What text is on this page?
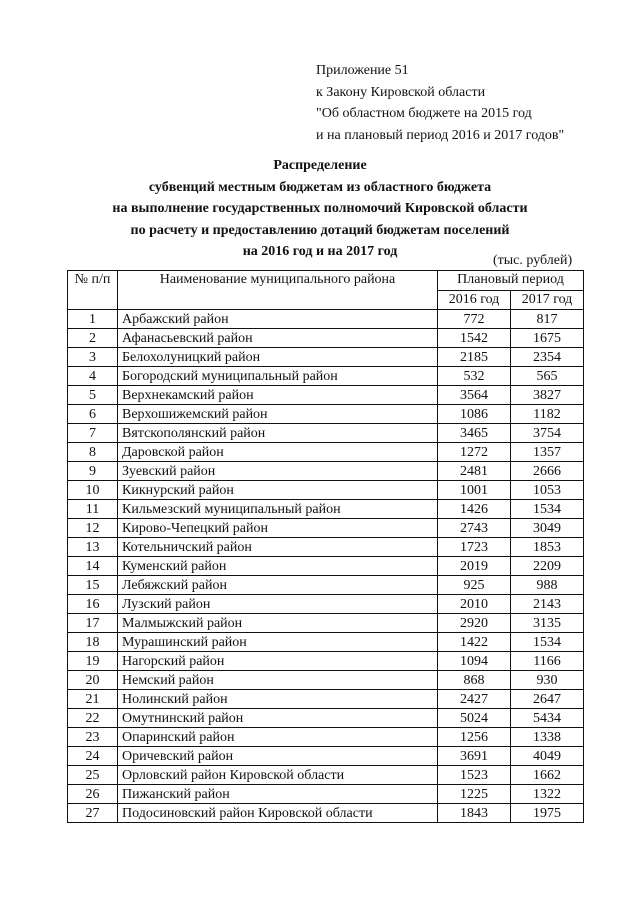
Приложение 51
к Закону Кировской области
"Об областном бюджете на 2015 год
и на плановый период 2016 и 2017 годов"
Распределение
субвенций местным бюджетам из областного бюджета
на выполнение государственных полномочий Кировской области
по расчету и предоставлению дотаций бюджетам поселений
на 2016 год и на 2017 год
(тыс. рублей)
№ п/п	Наименование муниципального района	Плановый период	
		2016 год	2017 год
1	Арбажский район	772	817
2	Афанасьевский район	1542	1675
3	Белохолуницкий район	2185	2354
4	Богородский муниципальный район	532	565
5	Верхнекамский район	3564	3827
6	Верхошижемский район	1086	1182
7	Вятскополянский район	3465	3754
8	Даровской район	1272	1357
9	Зуевский район	2481	2666
10	Кикнурский район	1001	1053
11	Кильмезский муниципальный район	1426	1534
12	Кирово-Чепецкий район	2743	3049
13	Котельничский район	1723	1853
14	Куменский район	2019	2209
15	Лебяжский район	925	988
16	Лузский район	2010	2143
17	Малмыжский район	2920	3135
18	Мурашинский район	1422	1534
19	Нагорский район	1094	1166
20	Немский район	868	930
21	Нолинский район	2427	2647
22	Омутнинский район	5024	5434
23	Опаринский район	1256	1338
24	Оричевский район	3691	4049
25	Орловский район Кировской области	1523	1662
26	Пижанский район	1225	1322
27	Подосиновский район Кировской области	1843	1975
